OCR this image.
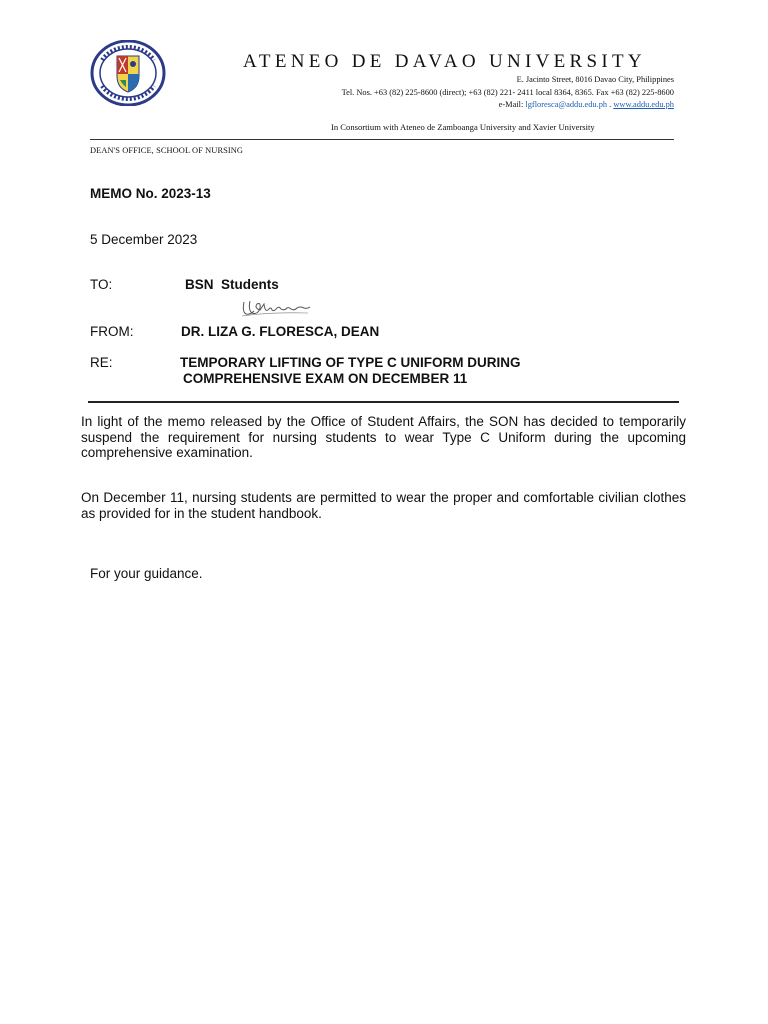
ATENEO DE DAVAO UNIVERSITY
E. Jacinto Street, 8016 Davao City, Philippines
Tel. Nos. +63 (82) 225-8600 (direct); +63 (82) 221- 2411 local 8364, 8365. Fax +63 (82) 225-8600
e-Mail: lgfloresca@addu.edu.ph . www.addu.edu.ph
In Consortium with Ateneo de Zamboanga University and Xavier University
DEAN'S OFFICE, SCHOOL OF NURSING
MEMO No. 2023-13
5 December 2023
TO:	BSN  Students
FROM:	DR. LIZA G. FLORESCA, DEAN
RE:	TEMPORARY LIFTING OF TYPE C UNIFORM DURING
COMPREHENSIVE EXAM ON DECEMBER 11

In light of the memo released by the Office of Student Affairs, the SON has decided to temporarily suspend the requirement for nursing students to wear Type C Uniform during the upcoming comprehensive examination.

On December 11, nursing students are permitted to wear the proper and comfortable civilian clothes as provided for in the student handbook.

For your guidance.
